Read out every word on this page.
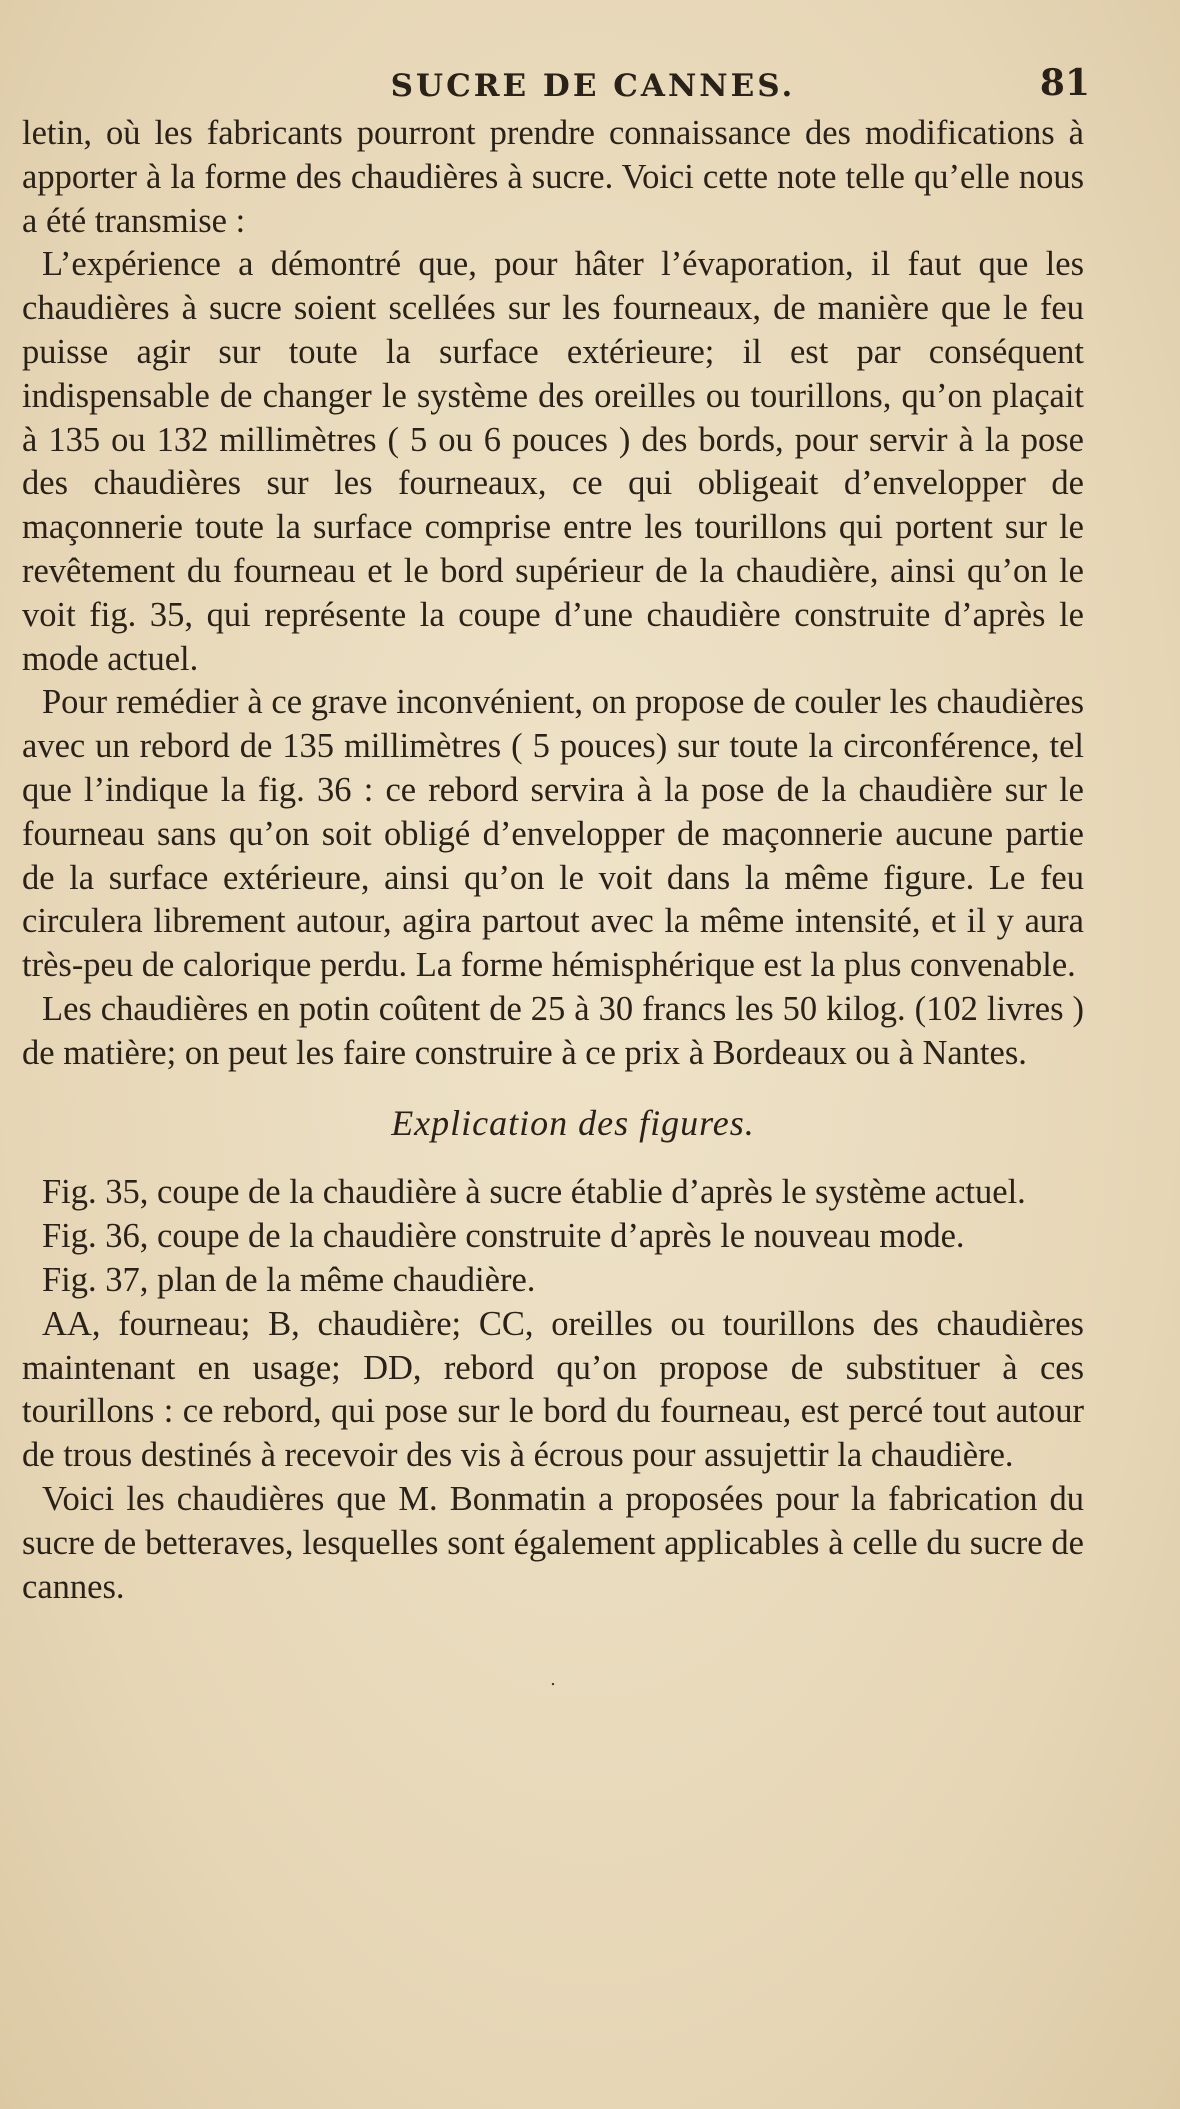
SUCRE DE CANNES.	81

letin, où les fabricants pourront prendre connaissance des modifications à apporter à la forme des chaudières à sucre. Voici cette note telle qu’elle nous a été transmise :

L’expérience a démontré que, pour hâter l’évaporation, il faut que les chaudières à sucre soient scellées sur les fourneaux, de manière que le feu puisse agir sur toute la surface extérieure; il est par conséquent indispensable de changer le système des oreilles ou tourillons, qu’on plaçait à 135 ou 132 millimètres ( 5 ou 6 pouces ) des bords, pour servir à la pose des chaudières sur les fourneaux, ce qui obligeait d’envelopper de maçonnerie toute la surface comprise entre les tourillons qui portent sur le revêtement du fourneau et le bord supérieur de la chaudière, ainsi qu’on le voit fig. 35, qui représente la coupe d’une chaudière construite d’après le mode actuel.

Pour remédier à ce grave inconvénient, on propose de couler les chaudières avec un rebord de 135 millimètres ( 5 pouces) sur toute la circonférence, tel que l’indique la fig. 36 : ce rebord servira à la pose de la chaudière sur le fourneau sans qu’on soit obligé d’envelopper de maçonnerie aucune partie de la surface extérieure, ainsi qu’on le voit dans la même figure. Le feu circulera librement autour, agira partout avec la même intensité, et il y aura très-peu de calorique perdu. La forme hémisphérique est la plus convenable.

Les chaudières en potin coûtent de 25 à 30 francs les 50 kilog. (102 livres ) de matière; on peut les faire construire à ce prix à Bordeaux ou à Nantes.

Explication des figures.

Fig. 35, coupe de la chaudière à sucre établie d’après le système actuel.

Fig. 36, coupe de la chaudière construite d’après le nouveau mode.

Fig. 37, plan de la même chaudière.

AA, fourneau; B, chaudière; CC, oreilles ou tourillons des chaudières maintenant en usage; DD, rebord qu’on propose de substituer à ces tourillons : ce rebord, qui pose sur le bord du fourneau, est percé tout autour de trous destinés à recevoir des vis à écrous pour assujettir la chaudière.

Voici les chaudières que M. Bonmatin a proposées pour la fabrication du sucre de betteraves, lesquelles sont également applicables à celle du sucre de cannes.

.
